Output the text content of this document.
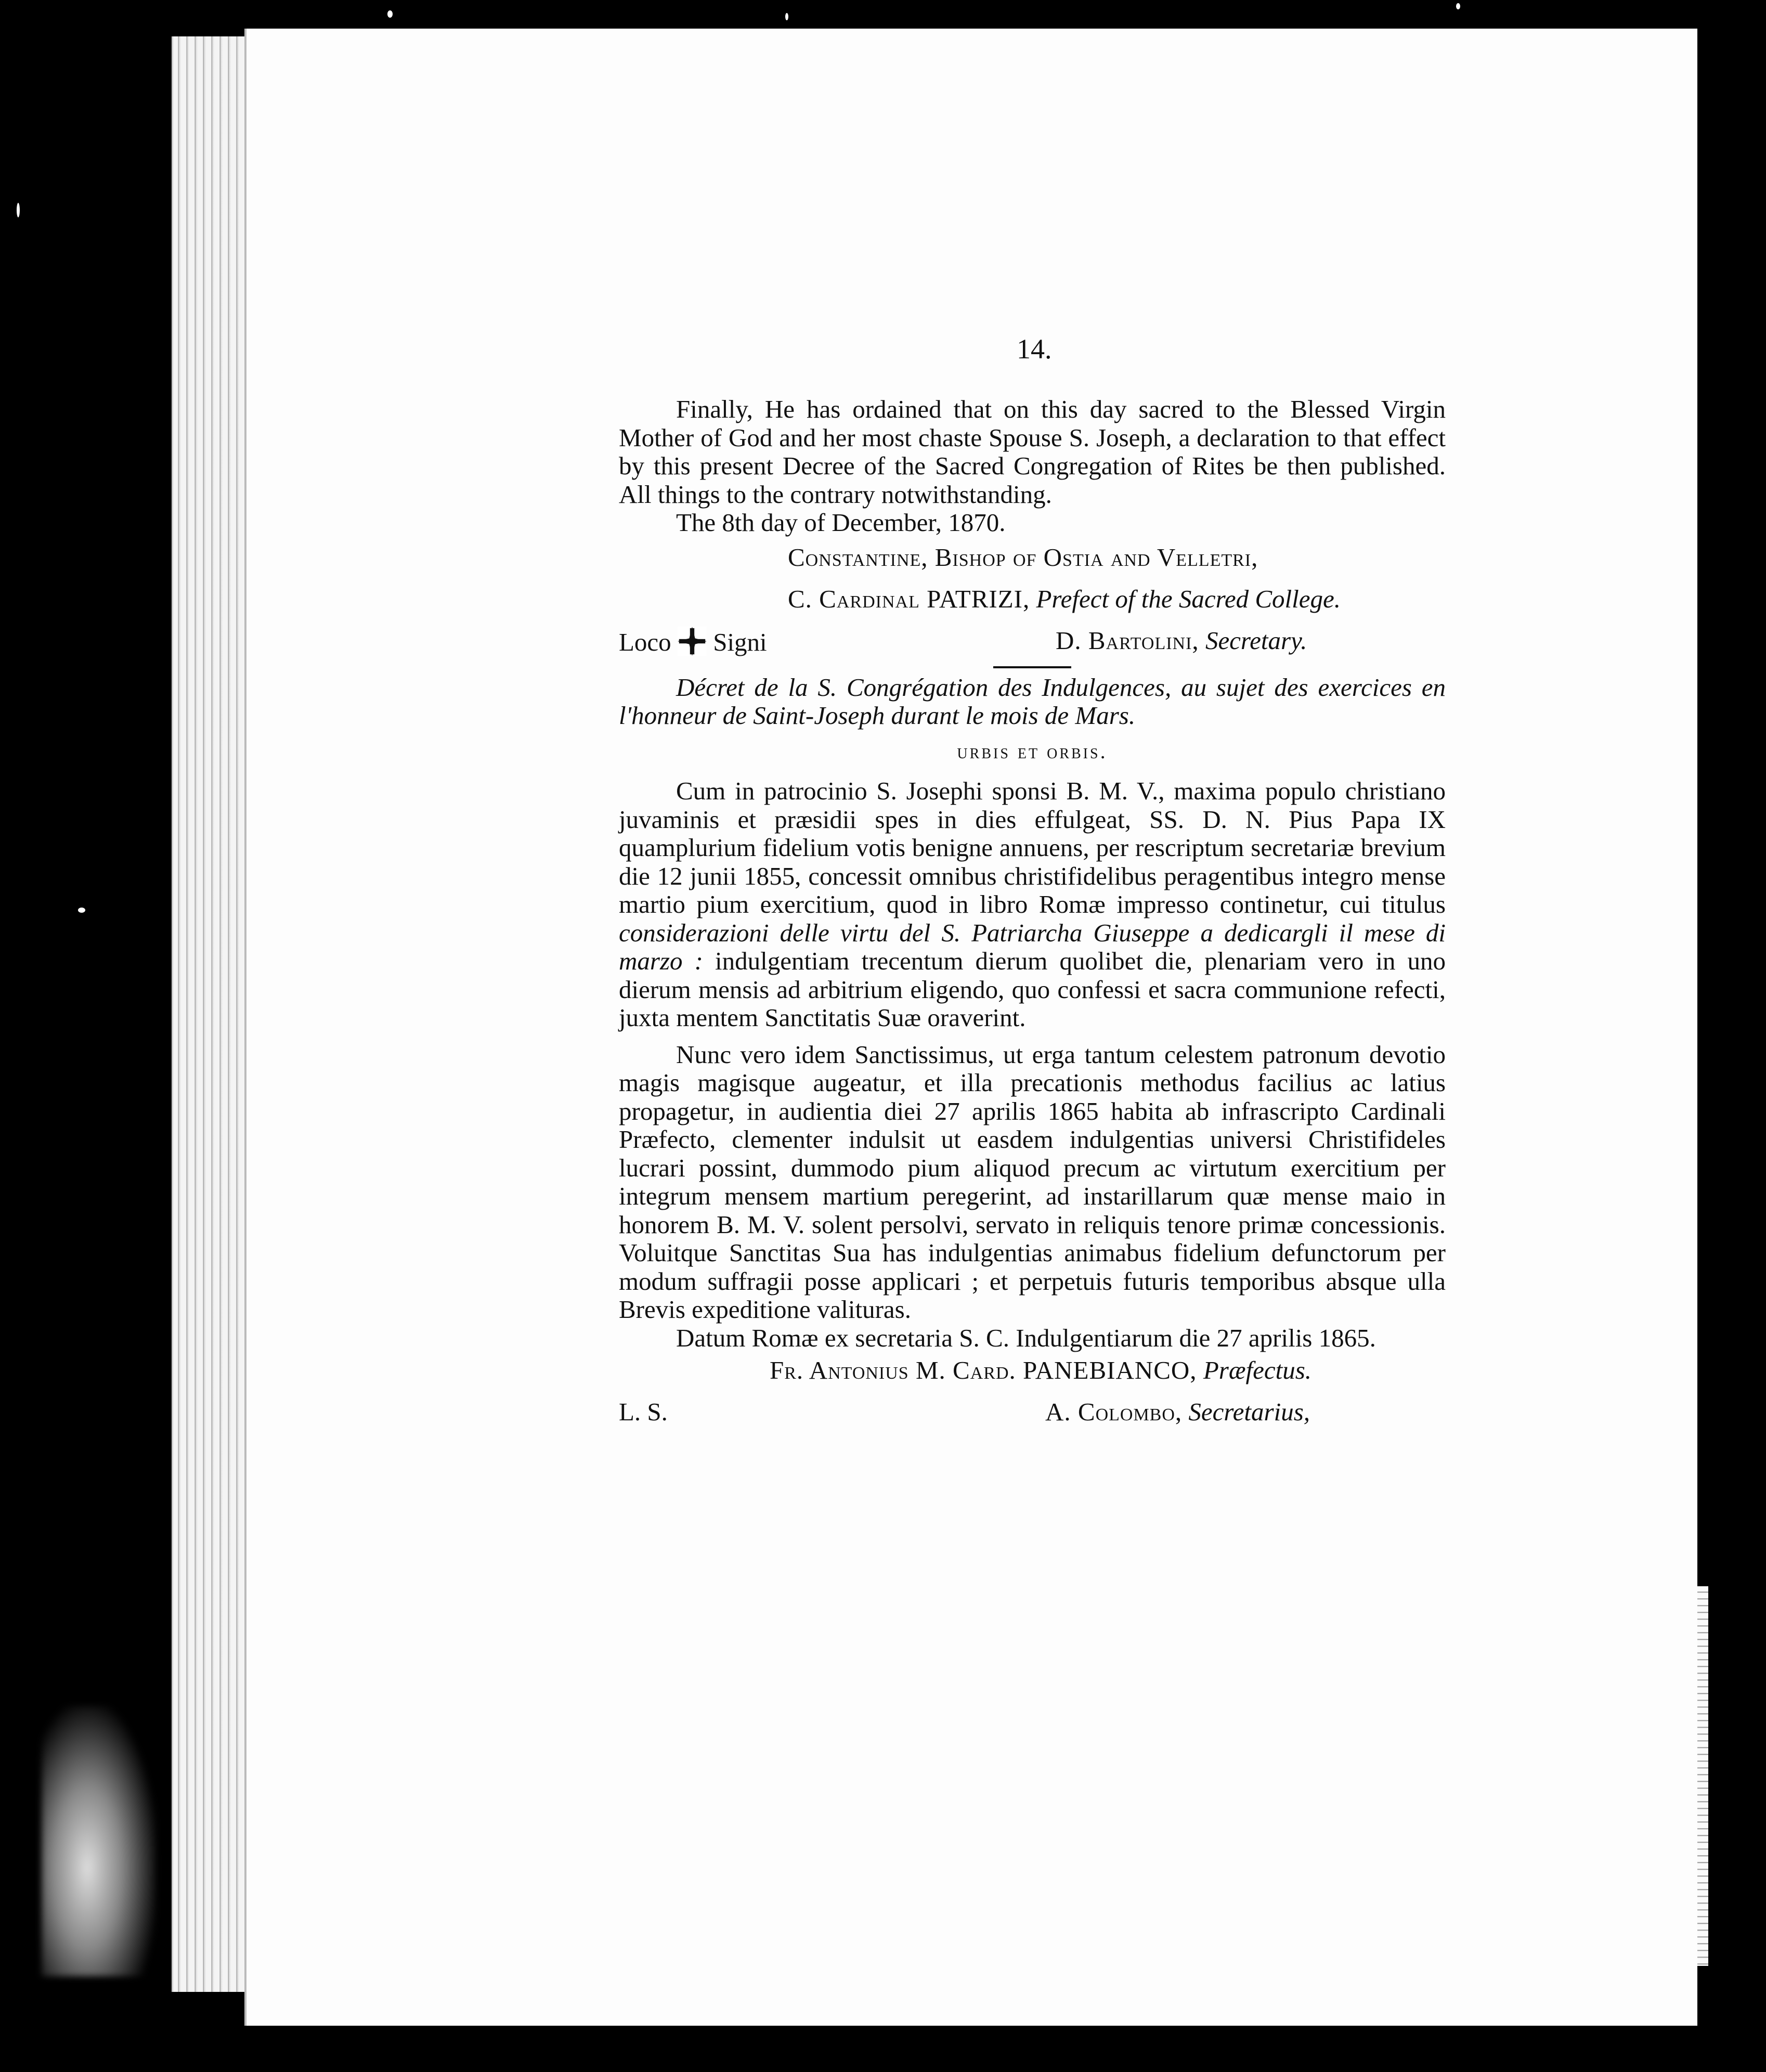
14.

Finally, He has ordained that on this day sacred to the Blessed Virgin Mother of God and her most chaste Spouse S. Joseph, a declaration to that effect by this present Decree of the Sacred Congregation of Rites be then published. All things to the contrary notwithstanding.

The 8th day of December, 1870.

Constantine, Bishop of Ostia and Velletri,
C. Cardinal PATRIZI, Prefect of the Sacred College.
Loco Signi	D. Bartolini, Secretary.

Décret de la S. Congrégation des Indulgences, au sujet des exercices en l'honneur de Saint-Joseph durant le mois de Mars.

urbis et orbis.

Cum in patrocinio S. Josephi sponsi B. M. V., maxima populo christiano juvaminis et præsidii spes in dies effulgeat, SS. D. N. Pius Papa IX quamplurium fidelium votis benigne annuens, per rescriptum secretariæ brevium die 12 junii 1855, concessit omnibus christifidelibus peragentibus integro mense martio pium exercitium, quod in libro Romæ impresso continetur, cui titulus considerazioni delle virtu del S. Patriarcha Giuseppe a dedicargli il mese di marzo : indulgentiam trecentum dierum quolibet die, plenariam vero in uno dierum mensis ad arbitrium eligendo, quo confessi et sacra communione refecti, juxta mentem Sanctitatis Suæ oraverint.

Nunc vero idem Sanctissimus, ut erga tantum celestem patronum devotio magis magisque augeatur, et illa precationis methodus facilius ac latius propagetur, in audientia diei 27 aprilis 1865 habita ab infrascripto Cardinali Præfecto, clementer indulsit ut easdem indulgentias universi Christifideles lucrari possint, dummodo pium aliquod precum ac virtutum exercitium per integrum mensem martium peregerint, ad instarillarum quæ mense maio in honorem B. M. V. solent persolvi, servato in reliquis tenore primæ concessionis. Voluitque Sanctitas Sua has indulgentias animabus fidelium defunctorum per modum suffragii posse applicari ; et perpetuis futuris temporibus absque ulla Brevis expeditione valituras.

Datum Romæ ex secretaria S. C. Indulgentiarum die 27 aprilis 1865.

Fr. Antonius M. Card. PANEBIANCO, Præfectus.
L. S.	A. Colombo, Secretarius,
